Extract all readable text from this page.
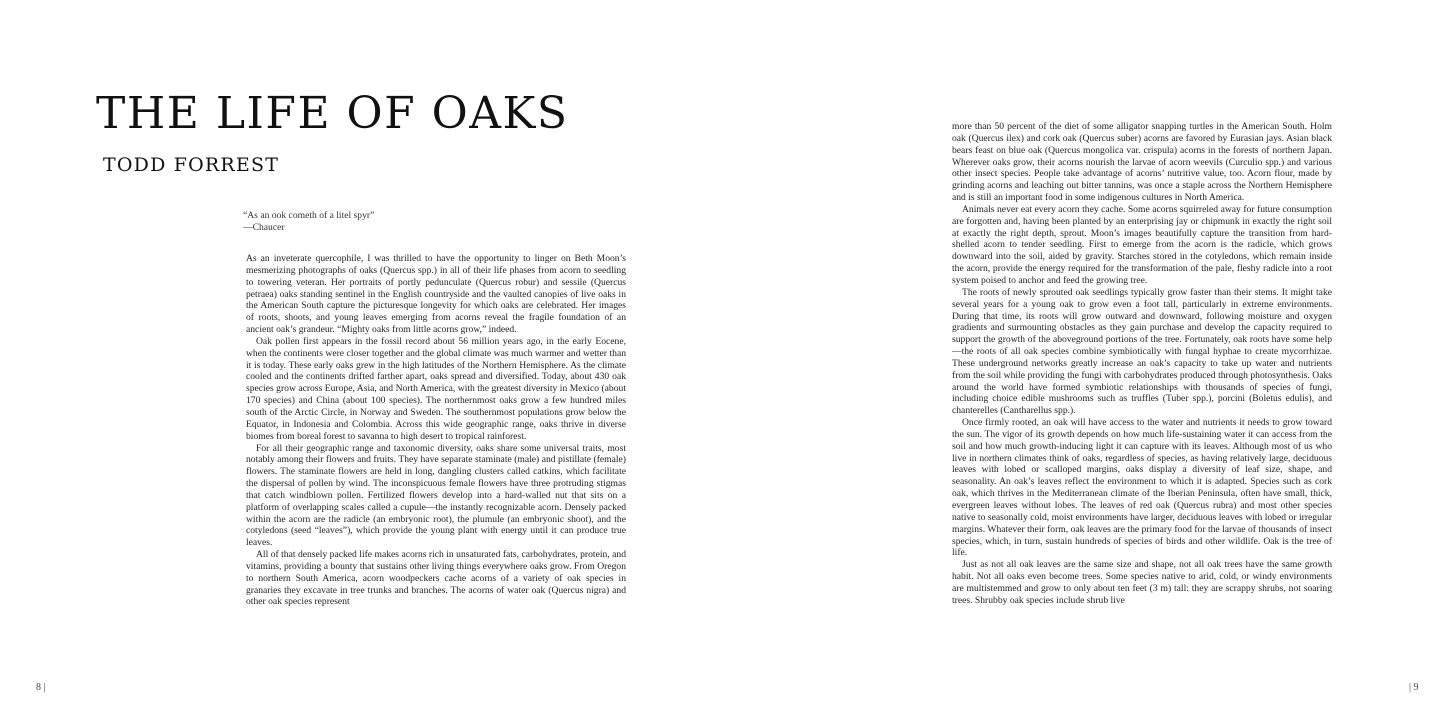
THE LIFE OF OAKS
TODD FORREST
“As an ook cometh of a litel spyr”
—Chaucer

As an inveterate quercophile, I was thrilled to have the opportunity to linger on Beth Moon’s mesmerizing photographs of oaks (Quercus spp.) in all of their life phases from acorn to seedling to towering veteran. Her portraits of portly pedunculate (Quercus robur) and sessile (Quercus petraea) oaks standing sentinel in the English countryside and the vaulted canopies of live oaks in the American South capture the picturesque longevity for which oaks are celebrated. Her images of roots, shoots, and young leaves emerging from acorns reveal the fragile foundation of an ancient oak’s grandeur. “Mighty oaks from little acorns grow,” indeed.

Oak pollen first appears in the fossil record about 56 million years ago, in the early Eocene, when the continents were closer together and the global climate was much warmer and wetter than it is today. These early oaks grew in the high latitudes of the Northern Hemisphere. As the climate cooled and the continents drifted farther apart, oaks spread and diversified. Today, about 430 oak species grow across Europe, Asia, and North America, with the greatest diversity in Mexico (about 170 species) and China (about 100 species). The northernmost oaks grow a few hundred miles south of the Arctic Circle, in Norway and Sweden. The southernmost populations grow below the Equator, in Indonesia and Colombia. Across this wide geographic range, oaks thrive in diverse biomes from boreal forest to savanna to high desert to tropical rainforest.

For all their geographic range and taxonomic diversity, oaks share some universal traits, most notably among their flowers and fruits. They have separate staminate (male) and pistillate (female) flowers. The staminate flowers are held in long, dangling clusters called catkins, which facilitate the dispersal of pollen by wind. The inconspicuous female flowers have three protruding stigmas that catch windblown pollen. Fertilized flowers develop into a hard-walled nut that sits on a platform of overlapping scales called a cupule—the instantly recognizable acorn. Densely packed within the acorn are the radicle (an embryonic root), the plumule (an embryonic shoot), and the cotyledons (seed “leaves”), which provide the young plant with energy until it can produce true leaves.

All of that densely packed life makes acorns rich in unsaturated fats, carbohydrates, protein, and vitamins, providing a bounty that sustains other living things everywhere oaks grow. From Oregon to northern South America, acorn woodpeckers cache acorns of a variety of oak species in granaries they excavate in tree trunks and branches. The acorns of water oak (Quercus nigra) and other oak species represent

8 |

more than 50 percent of the diet of some alligator snapping turtles in the American South. Holm oak (Quercus ilex) and cork oak (Quercus suber) acorns are favored by Eurasian jays. Asian black bears feast on blue oak (Quercus mongolica var. crispula) acorns in the forests of northern Japan. Wherever oaks grow, their acorns nourish the larvae of acorn weevils (Curculio spp.) and various other insect species. People take advantage of acorns’ nutritive value, too. Acorn flour, made by grinding acorns and leaching out bitter tannins, was once a staple across the Northern Hemisphere and is still an important food in some indigenous cultures in North America.

Animals never eat every acorn they cache. Some acorns squirreled away for future consumption are forgotten and, having been planted by an enterprising jay or chipmunk in exactly the right soil at exactly the right depth, sprout. Moon’s images beautifully capture the transition from hard-shelled acorn to tender seedling. First to emerge from the acorn is the radicle, which grows downward into the soil, aided by gravity. Starches stored in the cotyledons, which remain inside the acorn, provide the energy required for the transformation of the pale, fleshy radicle into a root system poised to anchor and feed the growing tree.

The roots of newly sprouted oak seedlings typically grow faster than their stems. It might take several years for a young oak to grow even a foot tall, particularly in extreme environments. During that time, its roots will grow outward and downward, following moisture and oxygen gradients and surmounting obstacles as they gain purchase and develop the capacity required to support the growth of the aboveground portions of the tree. Fortunately, oak roots have some help—the roots of all oak species combine symbiotically with fungal hyphae to create mycorrhizae. These underground networks greatly increase an oak’s capacity to take up water and nutrients from the soil while providing the fungi with carbohydrates produced through photosynthesis. Oaks around the world have formed symbiotic relationships with thousands of species of fungi, including choice edible mushrooms such as truffles (Tuber spp.), porcini (Boletus edulis), and chanterelles (Cantharellus spp.).

Once firmly rooted, an oak will have access to the water and nutrients it needs to grow toward the sun. The vigor of its growth depends on how much life-sustaining water it can access from the soil and how much growth-inducing light it can capture with its leaves. Although most of us who live in northern climates think of oaks, regardless of species, as having relatively large, deciduous leaves with lobed or scalloped margins, oaks display a diversity of leaf size, shape, and seasonality. An oak’s leaves reflect the environment to which it is adapted. Species such as cork oak, which thrives in the Mediterranean climate of the Iberian Peninsula, often have small, thick, evergreen leaves without lobes. The leaves of red oak (Quercus rubra) and most other species native to seasonally cold, moist environments have larger, deciduous leaves with lobed or irregular margins. Whatever their form, oak leaves are the primary food for the larvae of thousands of insect species, which, in turn, sustain hundreds of species of birds and other wildlife. Oak is the tree of life.

Just as not all oak leaves are the same size and shape, not all oak trees have the same growth habit. Not all oaks even become trees. Some species native to arid, cold, or windy environments are multistemmed and grow to only about ten feet (3 m) tall: they are scrappy shrubs, not soaring trees. Shrubby oak species include shrub live

| 9
